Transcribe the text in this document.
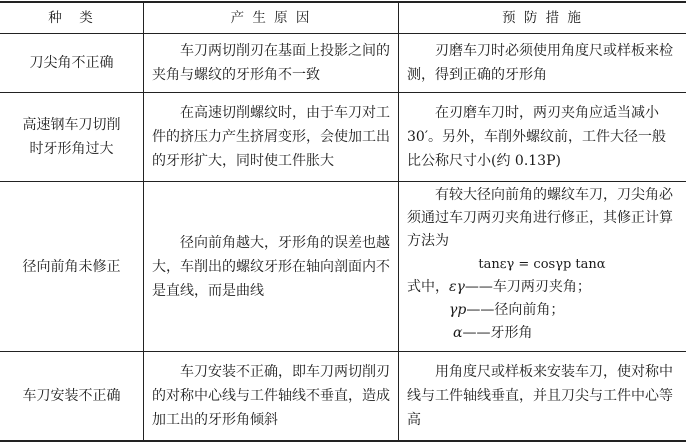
种　类	产 生 原 因	预 防 措 施
刀尖角不正确
车刀两切削刃在基面上投影之间的夹角与螺纹的牙形角不一致
刃磨车刀时必须使用角度尺或样板来检测，得到正确的牙形角
高速钢车刀切削
时牙形角过大
在高速切削螺纹时，由于车刀对工件的挤压力产生挤屑变形，会使加工出的牙形扩大，同时使工件胀大
在刃磨车刀时，两刃夹角应适当减小 30′。另外，车削外螺纹前，工件大径一般比公称尺寸小(约 0.13P)
径向前角未修正
径向前角越大，牙形角的误差也越大，车削出的螺纹牙形在轴向剖面内不是直线，而是曲线
有较大径向前角的螺纹车刀，刀尖角必须通过车刀两刃夹角进行修正，其修正计算方法为
tanεγ = cosγp tanα
式中，εγ——车刀两刃夹角；
γp——径向前角；
α——牙形角
车刀安装不正确
车刀安装不正确，即车刀两切削刃的对称中心线与工件轴线不垂直，造成加工出的牙形角倾斜
用角度尺或样板来安装车刀，使对称中线与工件轴线垂直，并且刀尖与工件中心等高
